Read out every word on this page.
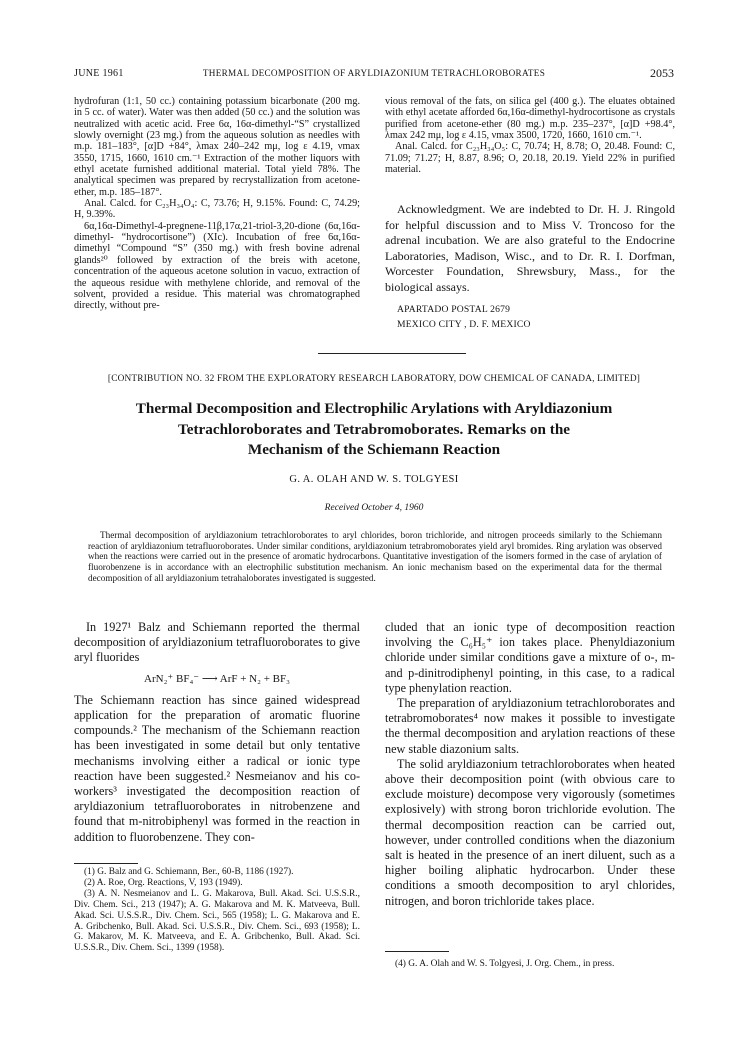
JUNE 1961	THERMAL DECOMPOSITION OF ARYLDIAZONIUM TETRACHLOROBORATES	2053

hydrofuran (1:1, 50 cc.) containing potassium bicarbonate (200 mg. in 5 cc. of water). Water was then added (50 cc.) and the solution was neutralized with acetic acid. Free 6α, 16α-dimethyl-“S” crystallized slowly overnight (23 mg.) from the aqueous solution as needles with m.p. 181–183°, [α]D +84°, λmax 240–242 mμ, log ε 4.19, νmax 3550, 1715, 1660, 1610 cm.⁻¹ Extraction of the mother liquors with ethyl acetate furnished additional material. Total yield 78%. The analytical specimen was prepared by recrystallization from acetone-ether, m.p. 185–187°.

Anal. Calcd. for C₂₃H₃₄O₄: C, 73.76; H, 9.15%. Found: C, 74.29; H, 9.39%.

6α,16α-Dimethyl-4-pregnene-11β,17α,21-triol-3,20-dione (6α,16α-dimethyl- “hydrocortisone”) (XIc). Incubation of free 6α,16α-dimethyl “Compound “S” (350 mg.) with fresh bovine adrenal glands²⁰ followed by extraction of the breis with acetone, concentration of the aqueous acetone solution in vacuo, extraction of the aqueous residue with methylene chloride, and removal of the solvent, provided a residue. This material was chromatographed directly, without pre-

vious removal of the fats, on silica gel (400 g.). The eluates obtained with ethyl acetate afforded 6α,16α-dimethyl-hydrocortisone as crystals purified from acetone-ether (80 mg.) m.p. 235–237°, [α]D +98.4°, λmax 242 mμ, log ε 4.15, νmax 3500, 1720, 1660, 1610 cm.⁻¹.

Anal. Calcd. for C₂₃H₃₄O₅: C, 70.74; H, 8.78; O, 20.48. Found: C, 71.09; 71.27; H, 8.87, 8.96; O, 20.18, 20.19. Yield 22% in purified material.

Acknowledgment. We are indebted to Dr. H. J. Ringold for helpful discussion and to Miss V. Troncoso for the adrenal incubation. We are also grateful to the Endocrine Laboratories, Madison, Wisc., and to Dr. R. I. Dorfman, Worcester Foundation, Shrewsbury, Mass., for the biological assays.

APARTADO POSTAL 2679
MEXICO CITY , D. F. MEXICO
[CONTRIBUTION NO. 32 FROM THE EXPLORATORY RESEARCH LABORATORY, DOW CHEMICAL OF CANADA, LIMITED]
Thermal Decomposition and Electrophilic Arylations with Aryldiazonium
Tetrachloroborates and Tetrabromoborates. Remarks on the
Mechanism of the Schiemann Reaction
G. A. OLAH AND W. S. TOLGYESI
Received October 4, 1960

Thermal decomposition of aryldiazonium tetrachloroborates to aryl chlorides, boron trichloride, and nitrogen proceeds similarly to the Schiemann reaction of aryldiazonium tetrafluoroborates. Under similar conditions, aryldiazonium tetrabromoborates yield aryl bromides. Ring arylation was observed when the reactions were carried out in the presence of aromatic hydrocarbons. Quantitative investigation of the isomers formed in the case of arylation of fluorobenzene is in accordance with an electrophilic substitution mechanism. An ionic mechanism based on the experimental data for the thermal decomposition of all aryldiazonium tetrahaloborates investigated is suggested.

In 1927¹ Balz and Schiemann reported the thermal decomposition of aryldiazonium tetrafluoroborates to give aryl fluorides

ArN₂⁺ BF₄⁻ ⟶ ArF + N₂ + BF₃

The Schiemann reaction has since gained widespread application for the preparation of aromatic fluorine compounds.² The mechanism of the Schiemann reaction has been investigated in some detail but only tentative mechanisms involving either a radical or ionic type reaction have been suggested.² Nesmeianov and his co-workers³ investigated the decomposition reaction of aryldiazonium tetrafluoroborates in nitrobenzene and found that m-nitrobiphenyl was formed in the reaction in addition to fluorobenzene. They con-

cluded that an ionic type of decomposition reaction involving the C₆H₅⁺ ion takes place. Phenyldiazonium chloride under similar conditions gave a mixture of o-, m- and p-dinitrodiphenyl pointing, in this case, to a radical type phenylation reaction.

The preparation of aryldiazonium tetrachloroborates and tetrabromoborates⁴ now makes it possible to investigate the thermal decomposition and arylation reactions of these new stable diazonium salts.

The solid aryldiazonium tetrachloroborates when heated above their decomposition point (with obvious care to exclude moisture) decompose very vigorously (sometimes explosively) with strong boron trichloride evolution. The thermal decomposition reaction can be carried out, however, under controlled conditions when the diazonium salt is heated in the presence of an inert diluent, such as a higher boiling aliphatic hydrocarbon. Under these conditions a smooth decomposition to aryl chlorides, nitrogen, and boron trichloride takes place.

(1) G. Balz and G. Schiemann, Ber., 60-B, 1186 (1927).

(2) A. Roe, Org. Reactions, V, 193 (1949).

(3) A. N. Nesmeianov and L. G. Makarova, Bull. Akad. Sci. U.S.S.R., Div. Chem. Sci., 213 (1947); A. G. Makarova and M. K. Matveeva, Bull. Akad. Sci. U.S.S.R., Div. Chem. Sci., 565 (1958); L. G. Makarova and E. A. Gribchenko, Bull. Akad. Sci. U.S.S.R., Div. Chem. Sci., 693 (1958); L. G. Makarov, M. K. Matveeva, and E. A. Gribchenko, Bull. Akad. Sci. U.S.S.R., Div. Chem. Sci., 1399 (1958).

(4) G. A. Olah and W. S. Tolgyesi, J. Org. Chem., in press.
